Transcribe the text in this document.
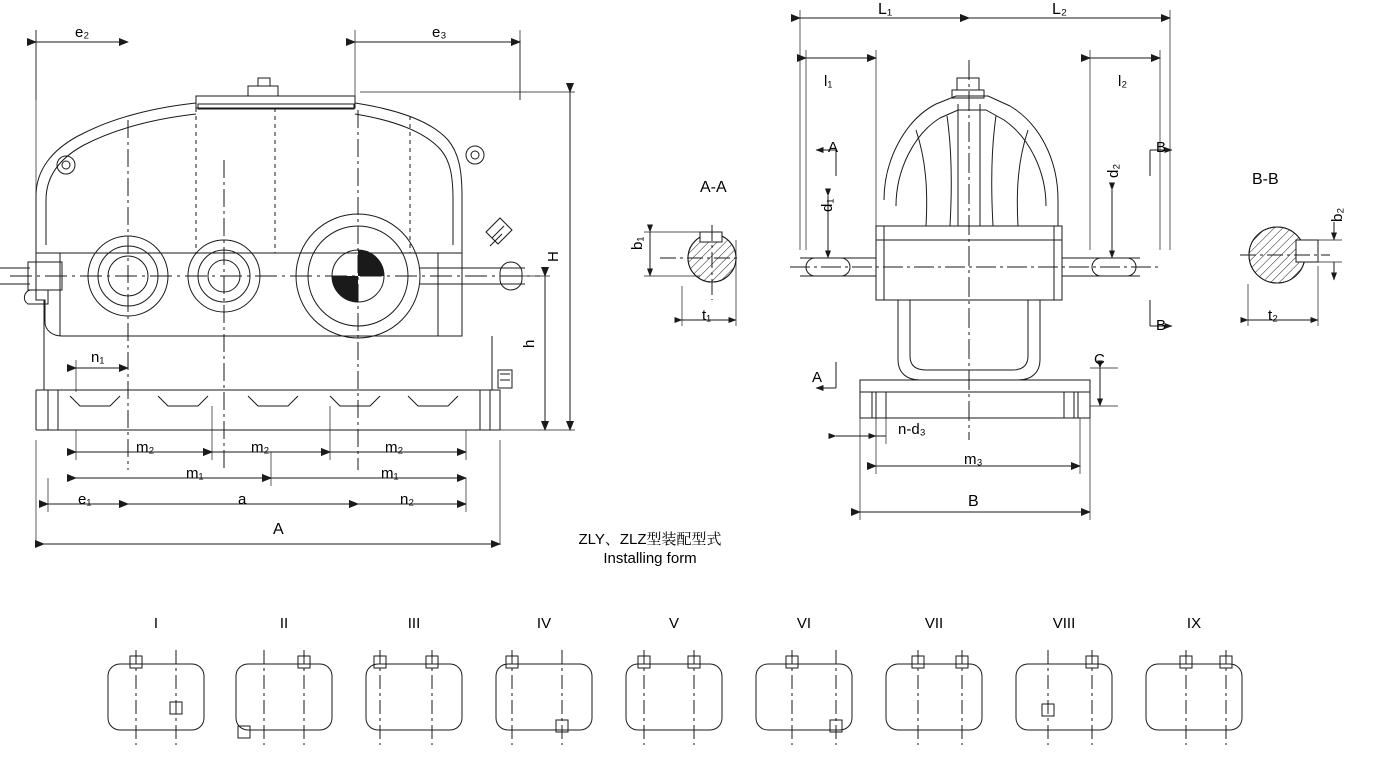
e₂	e₃
H
h
n₁
m₂	m₂	m₂
m₁	m₁
e₁	a	n₂
A
A-A
b₁
t₁
B-B
b₂
t₂
L₁	L₂
l₁	l₂
d₁
d₂
C
n-d₃
m₃
B
A
A
B
B
ZLY、ZLZ型装配型式
Installing form
I	II	III	IV	V	VI	VII	VIII	IX
